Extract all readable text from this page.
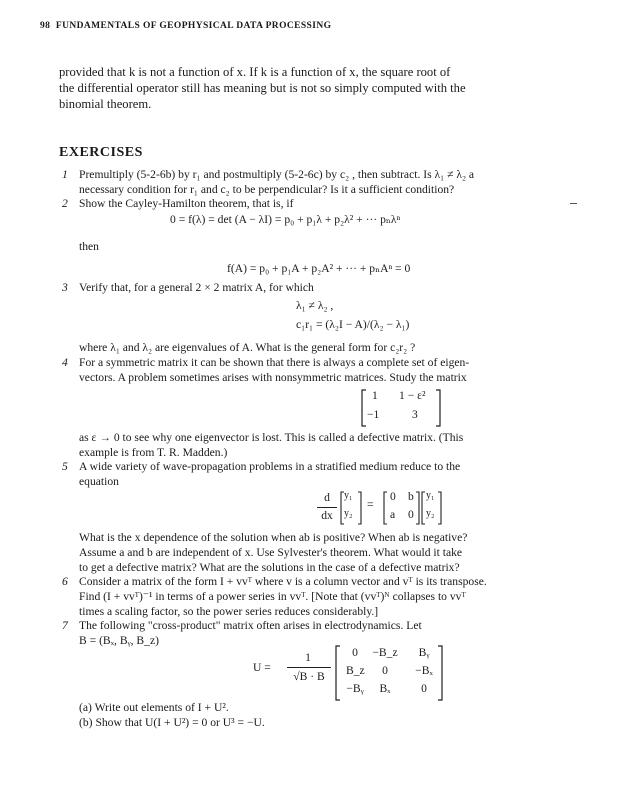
98 FUNDAMENTALS OF GEOPHYSICAL DATA PROCESSING
provided that k is not a function of x. If k is a function of x, the square root of
the differential operator still has meaning but is not so simply computed with the
binomial theorem.
EXERCISES
1 Premultiply (5-2-6b) by r₁ and postmultiply (5-2-6c) by c₂ , then subtract. Is λ₁ ≠ λ₂ a
necessary condition for r₁ and c₂ to be perpendicular? Is it a sufficient condition?
2 Show the Cayley-Hamilton theorem, that is, if
0 = f(λ) = det (A − λI) = p₀ + p₁λ + p₂λ² + ··· pₙλⁿ
then
f(A) = p₀ + p₁A + p₂A² + ··· + pₙAⁿ = 0
3 Verify that, for a general 2 × 2 matrix A, for which
λ₁ ≠ λ₂ ,
c₁r₁ = (λ₂I − A)/(λ₂ − λ₁)
where λ₁ and λ₂ are eigenvalues of A. What is the general form for c₂r₂ ?
4 For a symmetric matrix it can be shown that there is always a complete set of eigen-
vectors. A problem sometimes arises with nonsymmetric matrices. Study the matrix
1 1 − ε²
−1	3
as ε → 0 to see why one eigenvector is lost. This is called a defective matrix. (This
example is from T. R. Madden.)
5 A wide variety of wave-propagation problems in a stratified medium reduce to the
equation
d
dx
y₁
y₂
=
0 b
a 0
y₁
y₂
What is the x dependence of the solution when ab is positive? When ab is negative?
Assume a and b are independent of x. Use Sylvester's theorem. What would it take
to get a defective matrix? What are the solutions in the case of a defective matrix?
6 Consider a matrix of the form I + vvᵀ where v is a column vector and vᵀ is its transpose.
Find (I + vvᵀ)⁻¹ in terms of a power series in vvᵀ. [Note that (vvᵀ)ᴺ collapses to vvᵀ
times a scaling factor, so the power series reduces considerably.]
7 The following "cross-product" matrix often arises in electrodynamics. Let
B = (Bₓ, Bᵧ, B_z)
U =
1
√B · B
0	−B_z	Bᵧ
B_z	0	−Bₓ
−Bᵧ	Bₓ	0
(a) Write out elements of I + U².
(b) Show that U(I + U²) = 0 or U³ = −U.
